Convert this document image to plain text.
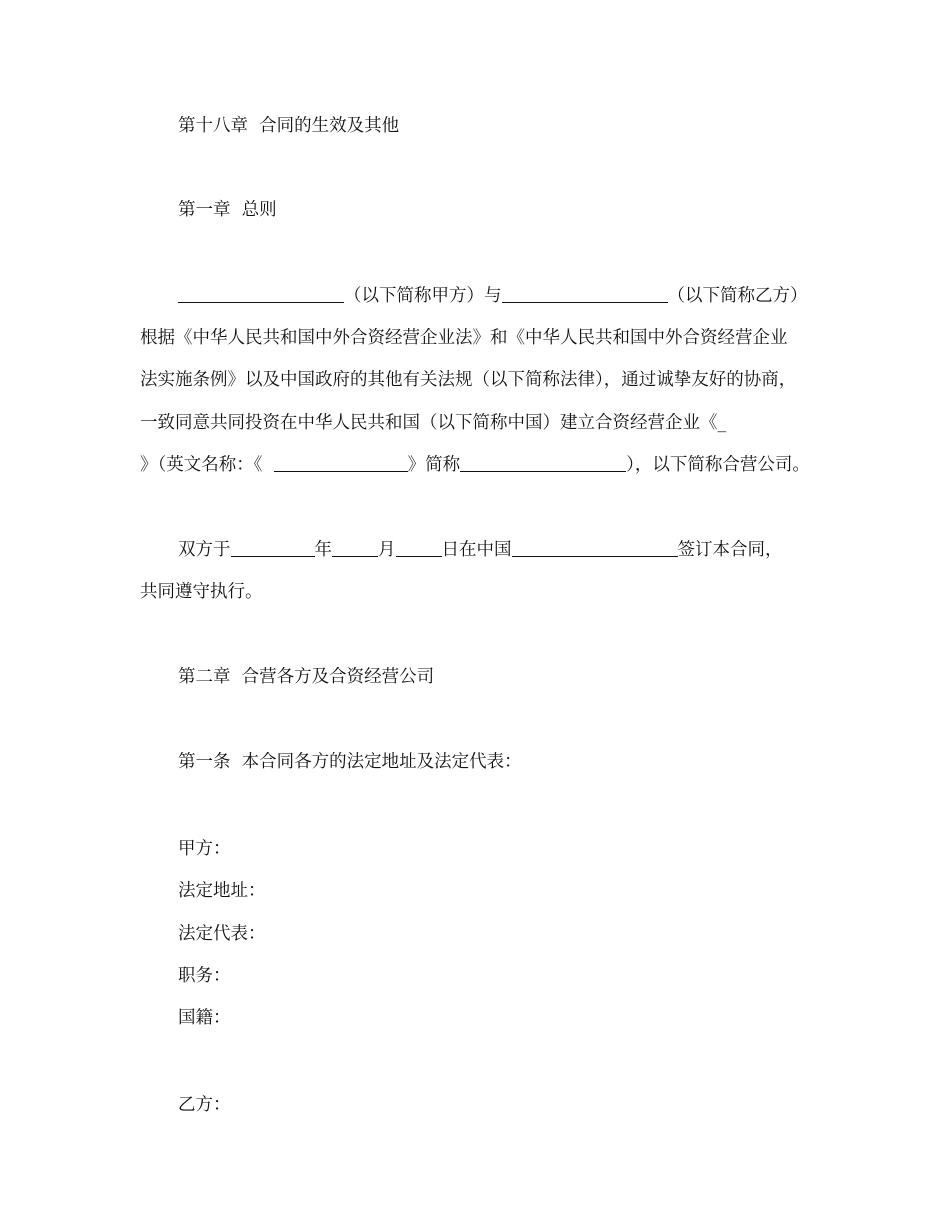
第十八章  合同的生效及其他
第一章  总则
（以下简称甲方）与	（以下简称乙方）
根据《中华人民共和国中外合资经营企业法》和《中华人民共和国中外合资经营企业
法实施条例》以及中国政府的其他有关法规（以下简称法律），通过诚挚友好的协商，
一致同意共同投资在中华人民共和国（以下简称中国）建立合资经营企业《_
》（英文名称：《	》简称	），以下简称合营公司。
双方于	年	月	日在中国	签订本合同，
共同遵守执行。
第二章  合营各方及合资经营公司
第一条  本合同各方的法定地址及法定代表：
甲方：
法定地址：
法定代表：
职务：
国籍：
乙方：
